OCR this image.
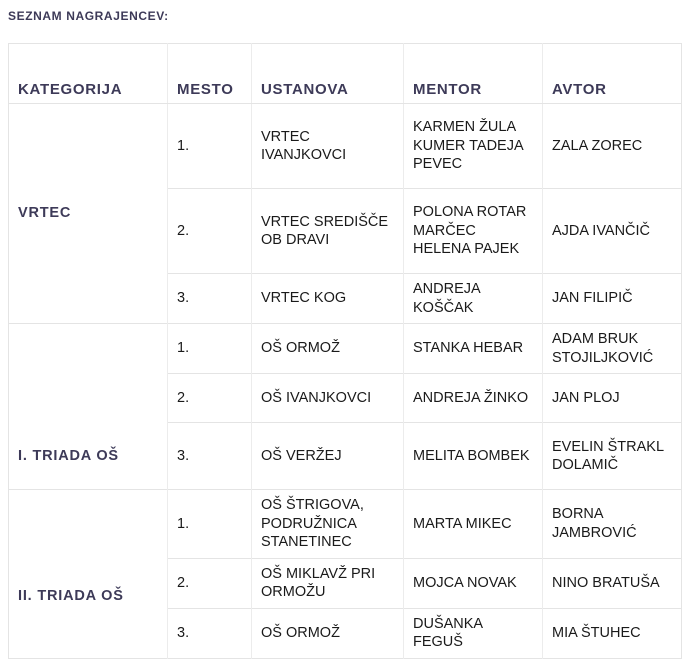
SEZNAM NAGRAJENCEV:

KATEGORIJA	MESTO	USTANOVA	MENTOR	AVTOR
VRTEC	1.	VRTEC IVANJKOVCI	KARMEN ŽULA KUMER TADEJA PEVEC	ZALA ZOREC
	2.	VRTEC SREDIŠČE OB DRAVI	POLONA ROTAR MARČEC HELENA PAJEK	AJDA IVANČIČ
	3.	VRTEC KOG	ANDREJA KOŠČAK	JAN FILIPIČ
I. TRIADA OŠ	1.	OŠ ORMOŽ	STANKA HEBAR	ADAM BRUK STOJILJKOVIĆ
	2.	OŠ IVANJKOVCI	ANDREJA ŽINKO	JAN PLOJ
	3.	OŠ VERŽEJ	MELITA BOMBEK	EVELIN ŠTRAKL DOLAMIČ
II. TRIADA OŠ	1.	OŠ ŠTRIGOVA, PODRUŽNICA STANETINEC	MARTA MIKEC	BORNA JAMBROVIĆ
	2.	OŠ MIKLAVŽ PRI ORMOŽU	MOJCA NOVAK	NINO BRATUŠA
	3.	OŠ ORMOŽ	DUŠANKA FEGUŠ	MIA ŠTUHEC
